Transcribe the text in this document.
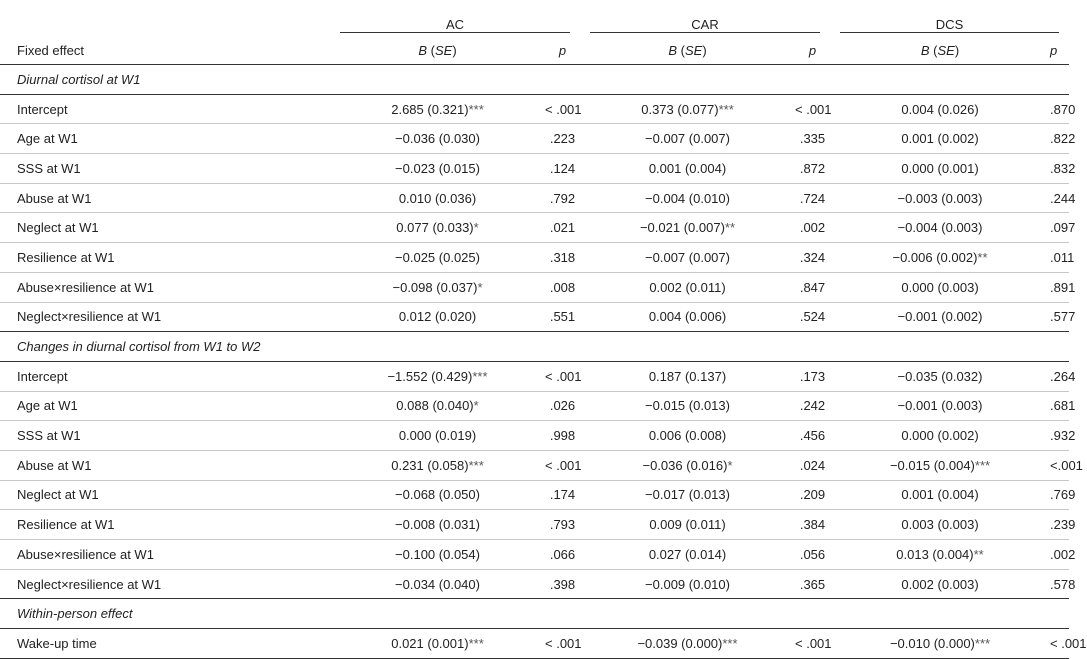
	AC		CAR		DCS	

Fixed effect	B (SE)	p	B (SE)	p	B (SE)	p
Diurnal cortisol at W1						
Intercept	2.685 (0.321)***	< .001	0.373 (0.077)***	< .001	0.004 (0.026)	.870
Age at W1	−0.036 (0.030)	.223	−0.007 (0.007)	.335	0.001 (0.002)	.822
SSS at W1	−0.023 (0.015)	.124	0.001 (0.004)	.872	0.000 (0.001)	.832
Abuse at W1	0.010 (0.036)	.792	−0.004 (0.010)	.724	−0.003 (0.003)	.244
Neglect at W1	0.077 (0.033)*	.021	−0.021 (0.007)**	.002	−0.004 (0.003)	.097
Resilience at W1	−0.025 (0.025)	.318	−0.007 (0.007)	.324	−0.006 (0.002)**	.011
Abuse×resilience at W1	−0.098 (0.037)*	.008	0.002 (0.011)	.847	0.000 (0.003)	.891
Neglect×resilience at W1	0.012 (0.020)	.551	0.004 (0.006)	.524	−0.001 (0.002)	.577
Changes in diurnal cortisol from W1 to W2						
Intercept	−1.552 (0.429)***	< .001	0.187 (0.137)	.173	−0.035 (0.032)	.264
Age at W1	0.088 (0.040)*	.026	−0.015 (0.013)	.242	−0.001 (0.003)	.681
SSS at W1	0.000 (0.019)	.998	0.006 (0.008)	.456	0.000 (0.002)	.932
Abuse at W1	0.231 (0.058)***	< .001	−0.036 (0.016)*	.024	−0.015 (0.004)***	<.001
Neglect at W1	−0.068 (0.050)	.174	−0.017 (0.013)	.209	0.001 (0.004)	.769
Resilience at W1	−0.008 (0.031)	.793	0.009 (0.011)	.384	0.003 (0.003)	.239
Abuse×resilience at W1	−0.100 (0.054)	.066	0.027 (0.014)	.056	0.013 (0.004)**	.002
Neglect×resilience at W1	−0.034 (0.040)	.398	−0.009 (0.010)	.365	0.002 (0.003)	.578
Within-person effect						
Wake-up time	0.021 (0.001)***	< .001	−0.039 (0.000)***	< .001	−0.010 (0.000)***	< .001
